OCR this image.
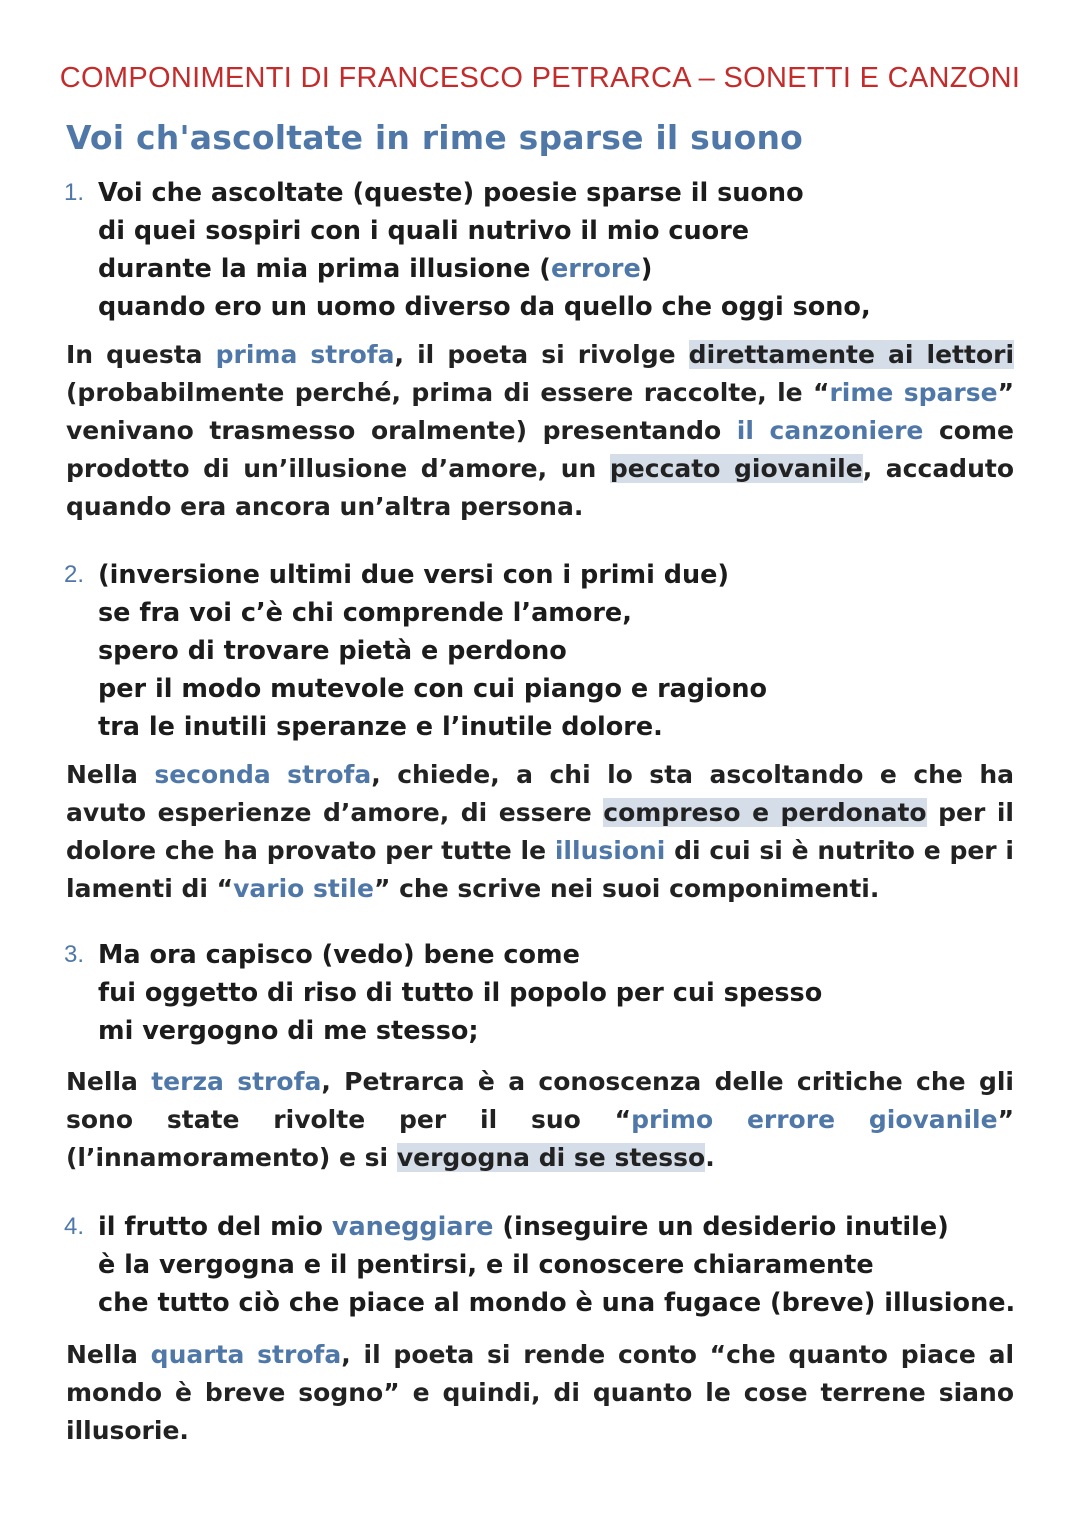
COMPONIMENTI DI FRANCESCO PETRARCA – SONETTI E CANZONI
Voi ch'ascoltate in rime sparse il suono
1. Voi che ascoltate (queste) poesie sparse il suono
di quei sospiri con i quali nutrivo il mio cuore
durante la mia prima illusione (errore)
quando ero un uomo diverso da quello che oggi sono,
In questa prima strofa, il poeta si rivolge direttamente ai lettori (probabilmente perché, prima di essere raccolte, le “rime sparse” venivano trasmesso oralmente) presentando il canzoniere come prodotto di un’illusione d’amore, un peccato giovanile, accaduto quando era ancora un’altra persona.
2. (inversione ultimi due versi con i primi due)
se fra voi c’è chi comprende l’amore,
spero di trovare pietà e perdono
per il modo mutevole con cui piango e ragiono
tra le inutili speranze e l’inutile dolore.
Nella seconda strofa, chiede, a chi lo sta ascoltando e che ha avuto esperienze d’amore, di essere compreso e perdonato per il dolore che ha provato per tutte le illusioni di cui si è nutrito e per i lamenti di “vario stile” che scrive nei suoi componimenti.
3. Ma ora capisco (vedo) bene come
fui oggetto di riso di tutto il popolo per cui spesso
mi vergogno di me stesso;
Nella terza strofa, Petrarca è a conoscenza delle critiche che gli sono state rivolte per il suo “primo errore giovanile” (l’innamoramento) e si vergogna di se stesso.
4. il frutto del mio vaneggiare (inseguire un desiderio inutile)
è la vergogna e il pentirsi, e il conoscere chiaramente
che tutto ciò che piace al mondo è una fugace (breve) illusione.
Nella quarta strofa, il poeta si rende conto “che quanto piace al mondo è breve sogno” e quindi, di quanto le cose terrene siano illusorie.
